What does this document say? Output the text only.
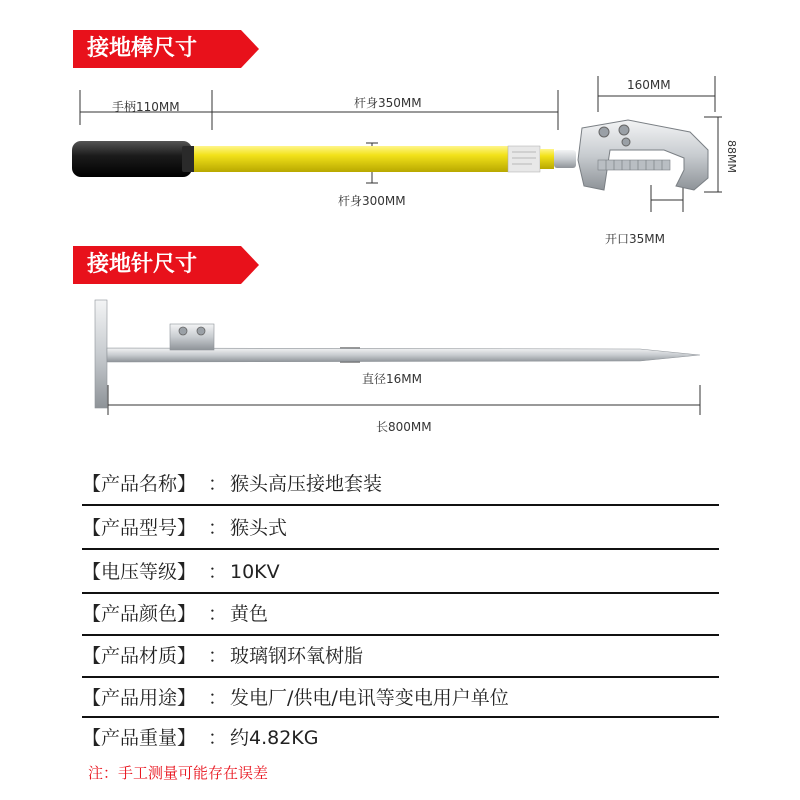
接地棒尺寸
接地针尺寸
手柄110MM	杆身350MM
杆身300MM
160MM
88MM
开口35MM
直径16MM
长800MM
【产品名称】 ： 猴头高压接地套装
【产品型号】 ： 猴头式
【电压等级】 ： 10KV
【产品颜色】 ： 黄色
【产品材质】 ： 玻璃钢环氧树脂
【产品用途】 ： 发电厂/供电/电讯等变电用户单位
【产品重量】 ： 约4.82KG
注：手工测量可能存在误差
